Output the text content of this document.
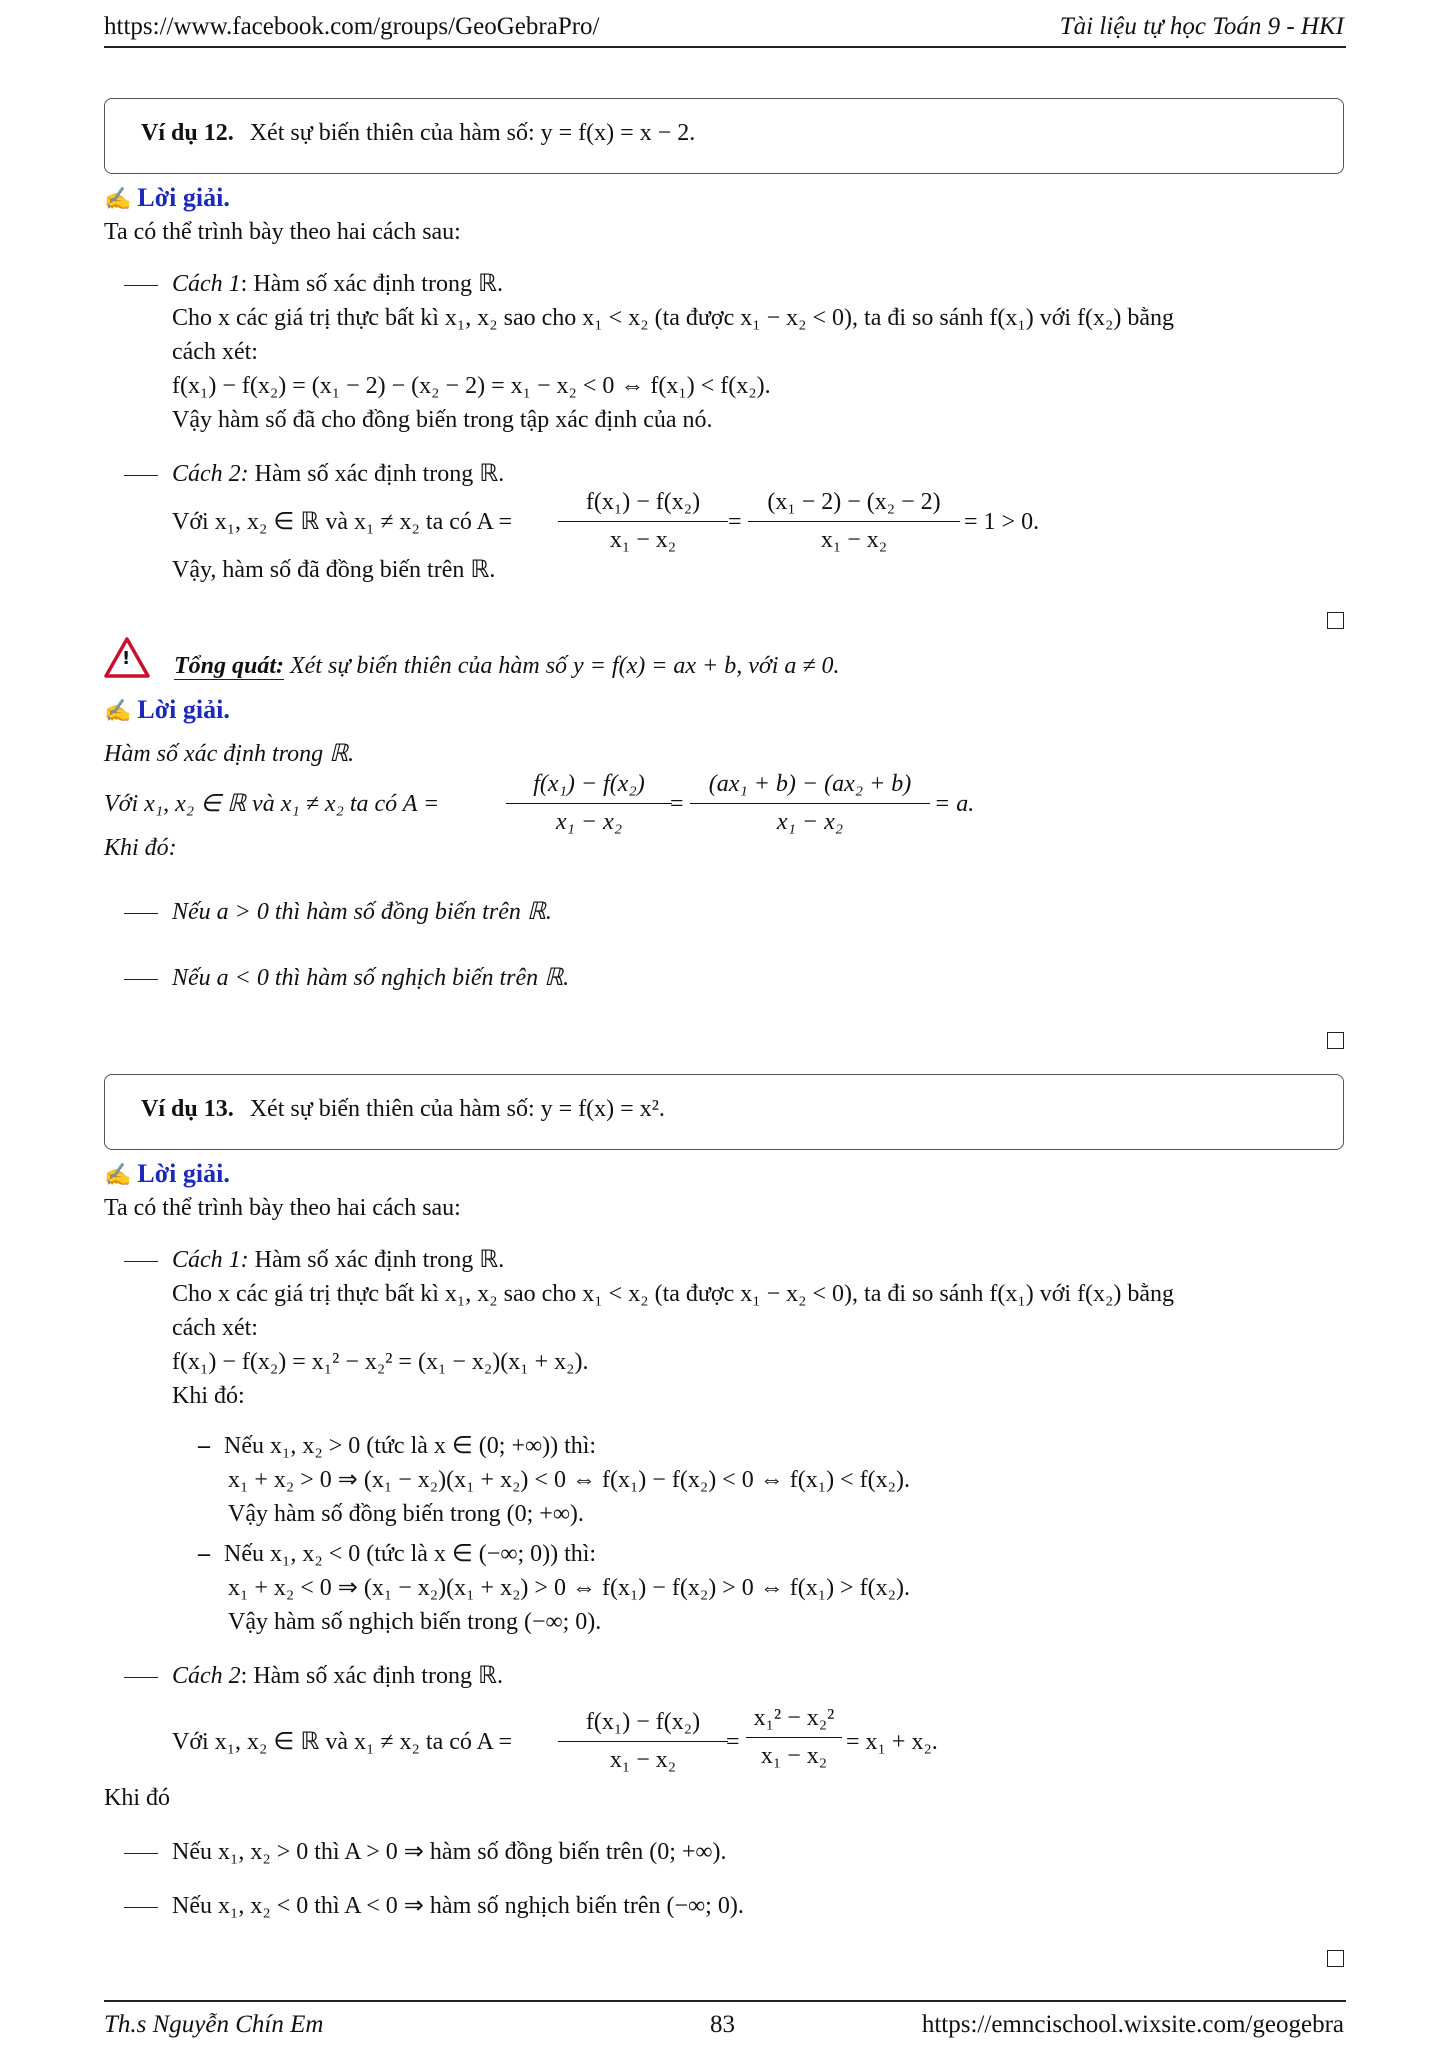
https://www.facebook.com/groups/GeoGebraPro/	Tài liệu tự học Toán 9 - HKI
Ví dụ 12. Xét sự biến thiên của hàm số: y = f(x) = x − 2.
✍ Lời giải.
Ta có thể trình bày theo hai cách sau:
Cách 1: Hàm số xác định trong ℝ.
Cho x các giá trị thực bất kì x₁, x₂ sao cho x₁ < x₂ (ta được x₁ − x₂ < 0), ta đi so sánh f(x₁) với f(x₂) bằng
cách xét:
f(x₁) − f(x₂) = (x₁ − 2) − (x₂ − 2) = x₁ − x₂ < 0 ⇔ f(x₁) < f(x₂).
Vậy hàm số đã cho đồng biến trong tập xác định của nó.
Cách 2: Hàm số xác định trong ℝ.
Với x₁, x₂ ∈ ℝ và x₁ ≠ x₂ ta có $A = \frac{\text{f(x₁) − f(x₂)}}{\text{x₁ − x₂}} = \frac{\text{(x₁ − 2) − (x₂ − 2)}}{\text{x₁ − x₂}} = 1 > 0$.
Vậy, hàm số đã đồng biến trên ℝ.
! Tổng quát: Xét sự biến thiên của hàm số y = f(x) = ax + b, với a ≠ 0.
✍ Lời giải.
Hàm số xác định trong ℝ.
Với x₁, x₂ ∈ ℝ và x₁ ≠ x₂ ta có A =	$\frac{\text{f(x₁) − f(x₂)}}{\text{x₁ − x₂}}$
= $\frac{\text{(ax₁ + b) − (ax₂ + b)}}{\text{x₁ − x₂}} = a$.
Khi đó:
Nếu a > 0 thì hàm số đồng biến trên ℝ.
Nếu a < 0 thì hàm số nghịch biến trên ℝ.
Ví dụ 13. Xét sự biến thiên của hàm số: y = f(x) = x².
✍ Lời giải.
Ta có thể trình bày theo hai cách sau:
Cách 1: Hàm số xác định trong ℝ.
Cho x các giá trị thực bất kì x₁, x₂ sao cho x₁ < x₂ (ta được x₁ − x₂ < 0), ta đi so sánh f(x₁) với f(x₂) bằng
cách xét:
f(x₁) − f(x₂) = x₁² − x₂² = (x₁ − x₂)(x₁ + x₂).
Khi đó:
– Nếu x₁, x₂ > 0 (tức là x ∈ (0; +∞)) thì:
x₁ + x₂ > 0 ⇒ (x₁ − x₂)(x₁ + x₂) < 0 ⇔ f(x₁) − f(x₂) < 0 ⇔ f(x₁) < f(x₂).
Vậy hàm số đồng biến trong (0; +∞).
– Nếu x₁, x₂ < 0 (tức là x ∈ (−∞; 0)) thì:
x₁ + x₂ < 0 ⇒ (x₁ − x₂)(x₁ + x₂) > 0 ⇔ f(x₁) − f(x₂) > 0 ⇔ f(x₁) > f(x₂).
Vậy hàm số nghịch biến trong (−∞; 0).
Cách 2: Hàm số xác định trong ℝ.
Với x₁, x₂ ∈ ℝ và x₁ ≠ x₂ ta có $A = \frac{\text{f(x₁) − f(x₂)}}{\text{x₁ − x₂}}$
= $\frac{\text{x₁² − x₂²}}{\text{x₁ − x₂}} = x_1 + x_2$.
Khi đó
Nếu x₁, x₂ > 0 thì A > 0 ⇒ hàm số đồng biến trên (0; +∞).
Nếu x₁, x₂ < 0 thì A < 0 ⇒ hàm số nghịch biến trên (−∞; 0).
Th.s Nguyễn Chín Em	83	https://emncischool.wixsite.com/geogebra
